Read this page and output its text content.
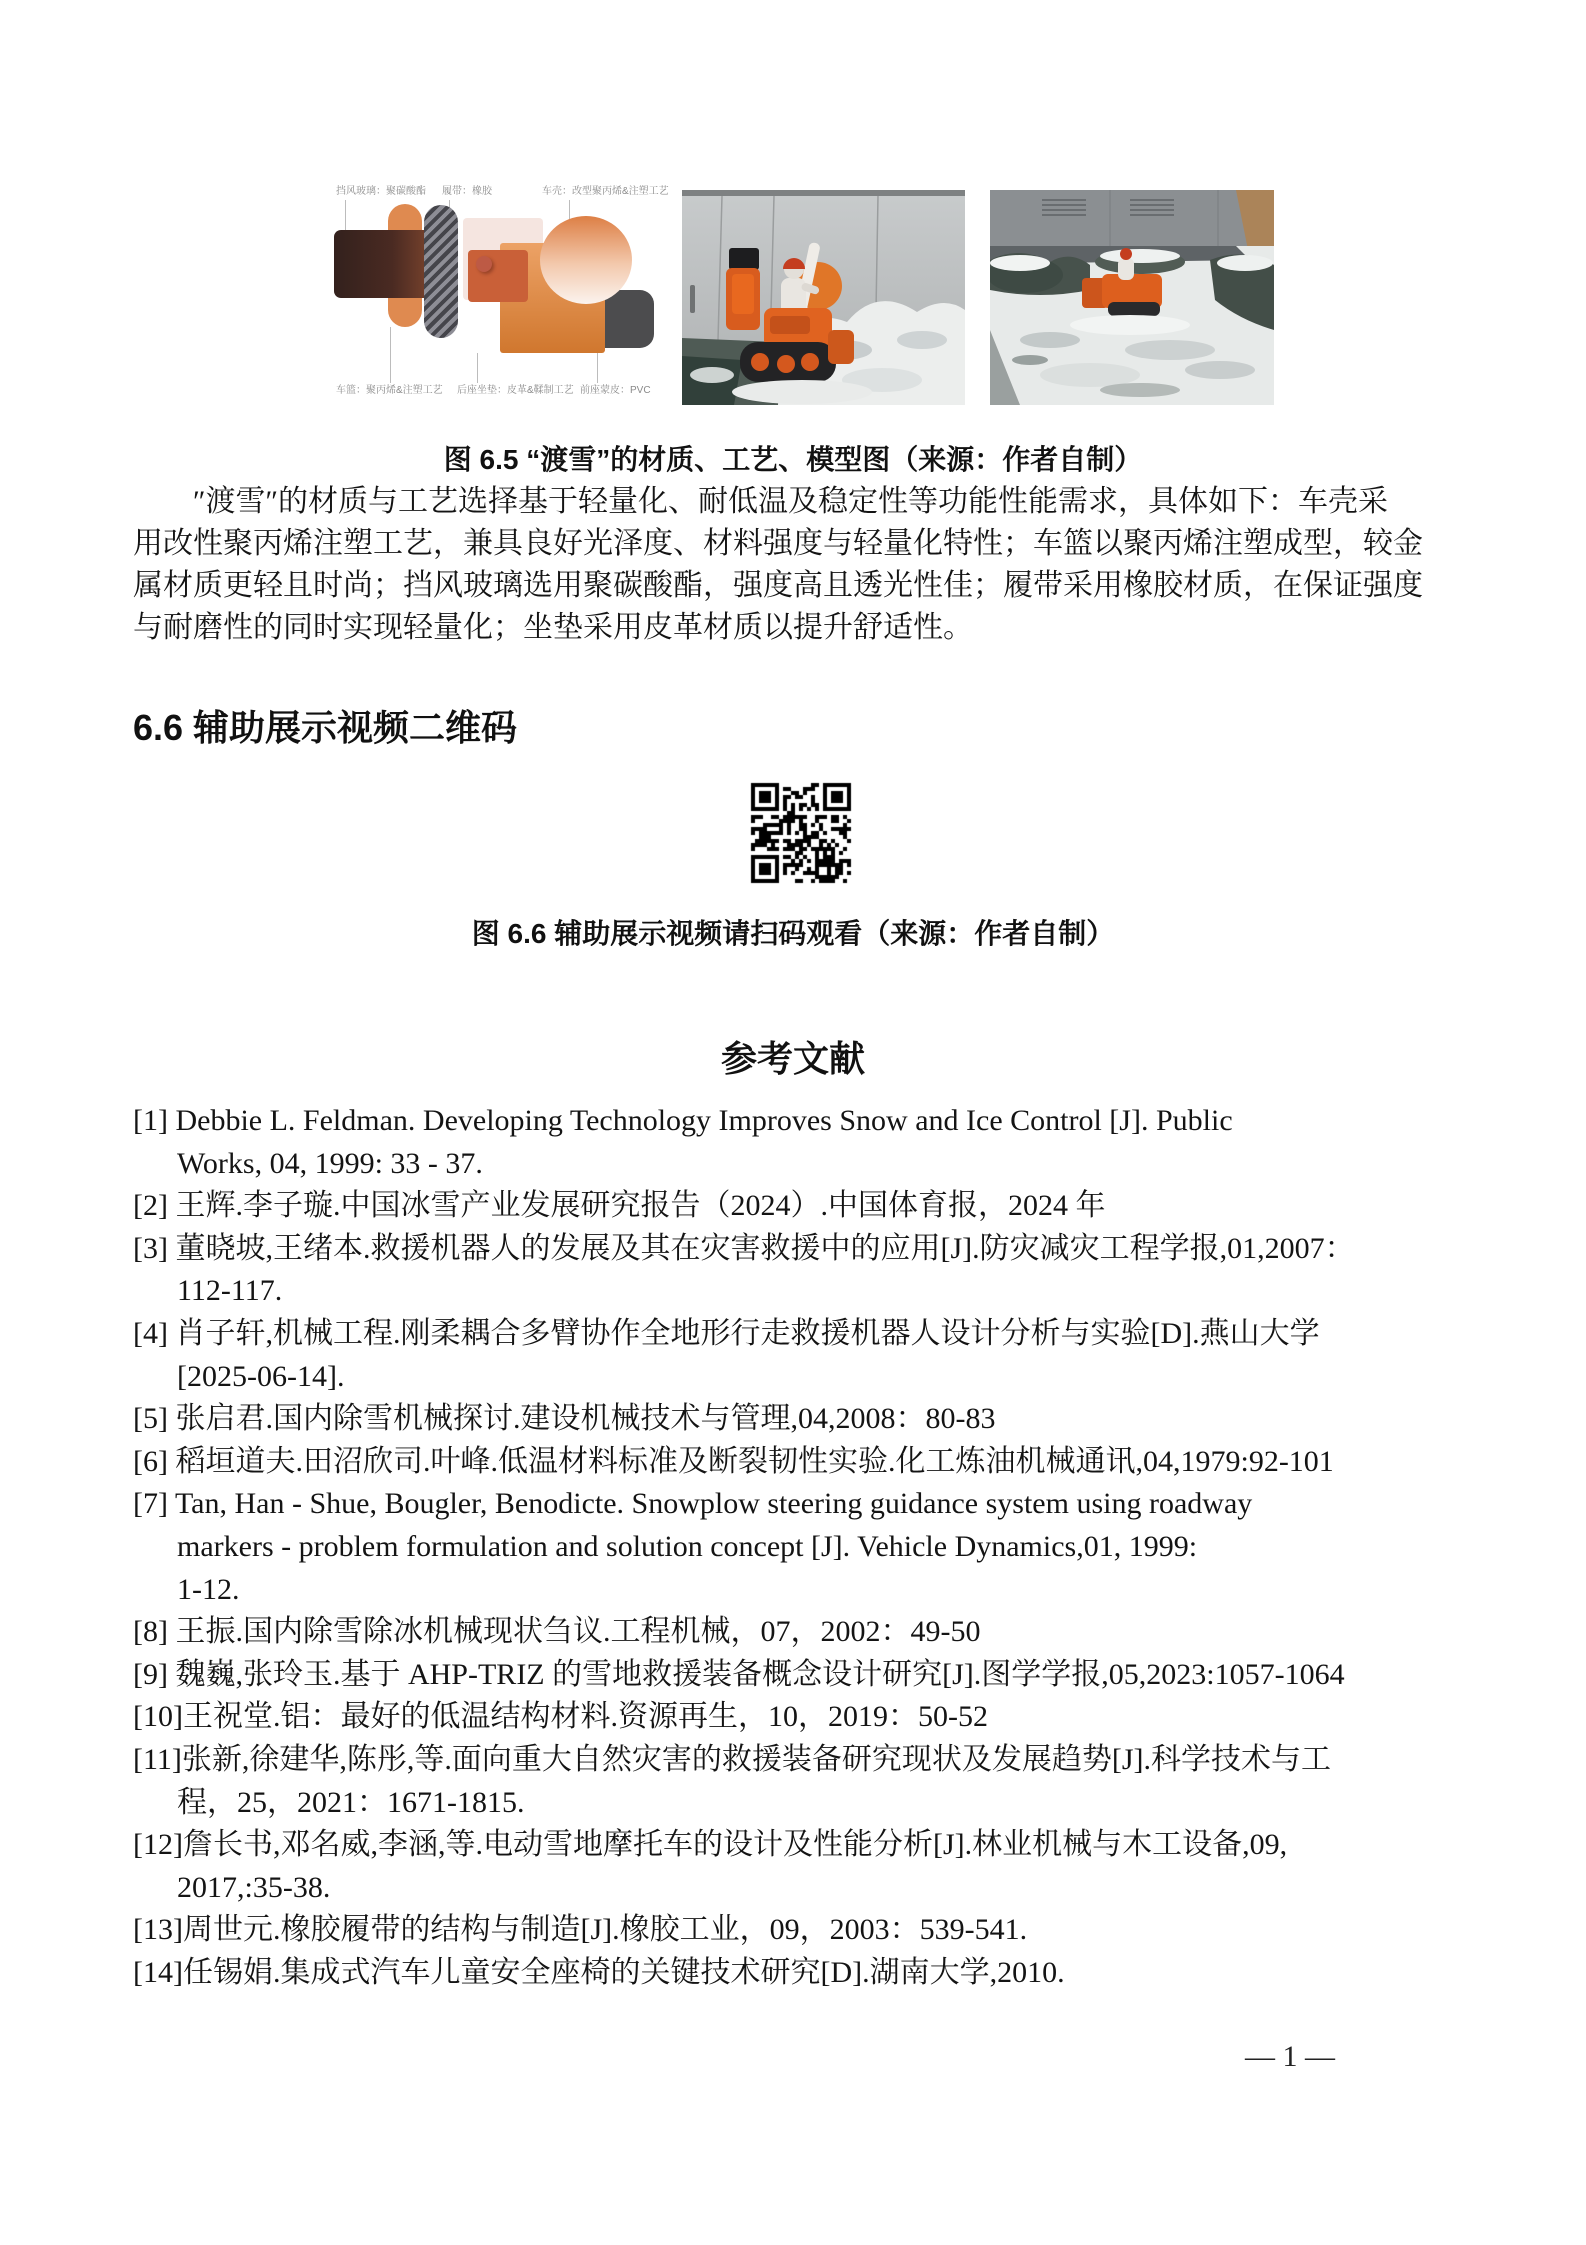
挡风玻璃：聚碳酸酯 履带：橡胶	车壳：改型聚丙烯&注塑工艺
车篮：聚丙烯&注塑工艺 后座坐垫：皮革&鞣制工艺 前座蒙皮：PVC
图 6.5 “渡雪”的材质、工艺、模型图（来源：作者自制）
″渡雪″的材质与工艺选择基于轻量化、耐低温及稳定性等功能性能需求，具体如下：车壳采
用改性聚丙烯注塑工艺，兼具良好光泽度、材料强度与轻量化特性；车篮以聚丙烯注塑成型，较金
属材质更轻且时尚；挡风玻璃选用聚碳酸酯，强度高且透光性佳；履带采用橡胶材质，在保证强度
与耐磨性的同时实现轻量化；坐垫采用皮革材质以提升舒适性。
6.6 辅助展示视频二维码
图 6.6 辅助展示视频请扫码观看（来源：作者自制）
参考文献
[1] Debbie L. Feldman. Developing Technology Improves Snow and Ice Control [J]. Public
Works, 04, 1999: 33 - 37.
[2] 王辉.李子璇.中国冰雪产业发展研究报告（2024）.中国体育报，2024 年
[3] 董晓坡,王绪本.救援机器人的发展及其在灾害救援中的应用[J].防灾减灾工程学报,01,2007：
112-117.
[4] 肖子轩,机械工程.刚柔耦合多臂协作全地形行走救援机器人设计分析与实验[D].燕山大学
[2025-06-14].
[5] 张启君.国内除雪机械探讨.建设机械技术与管理,04,2008：80-83
[6] 稻垣道夫.田沼欣司.叶峰.低温材料标准及断裂韧性实验.化工炼油机械通讯,04,1979:92-101
[7] Tan, Han - Shue, Bougler, Benodicte. Snowplow steering guidance system using roadway
markers - problem formulation and solution concept [J]. Vehicle Dynamics,01, 1999:
1-12.
[8] 王振.国内除雪除冰机械现状刍议.工程机械，07，2002：49-50
[9] 魏巍,张玲玉.基于 AHP-TRIZ 的雪地救援装备概念设计研究[J].图学学报,05,2023:1057-1064
[10]王祝堂.铝：最好的低温结构材料.资源再生，10，2019：50-52
[11]张新,徐建华,陈彤,等.面向重大自然灾害的救援装备研究现状及发展趋势[J].科学技术与工
程，25，2021：1671-1815.
[12]詹长书,邓名威,李涵,等.电动雪地摩托车的设计及性能分析[J].林业机械与木工设备,09,
2017,:35-38.
[13]周世元.橡胶履带的结构与制造[J].橡胶工业，09，2003：539-541.
[14]任锡娟.集成式汽车儿童安全座椅的关键技术研究[D].湖南大学,2010.
— 1 —
